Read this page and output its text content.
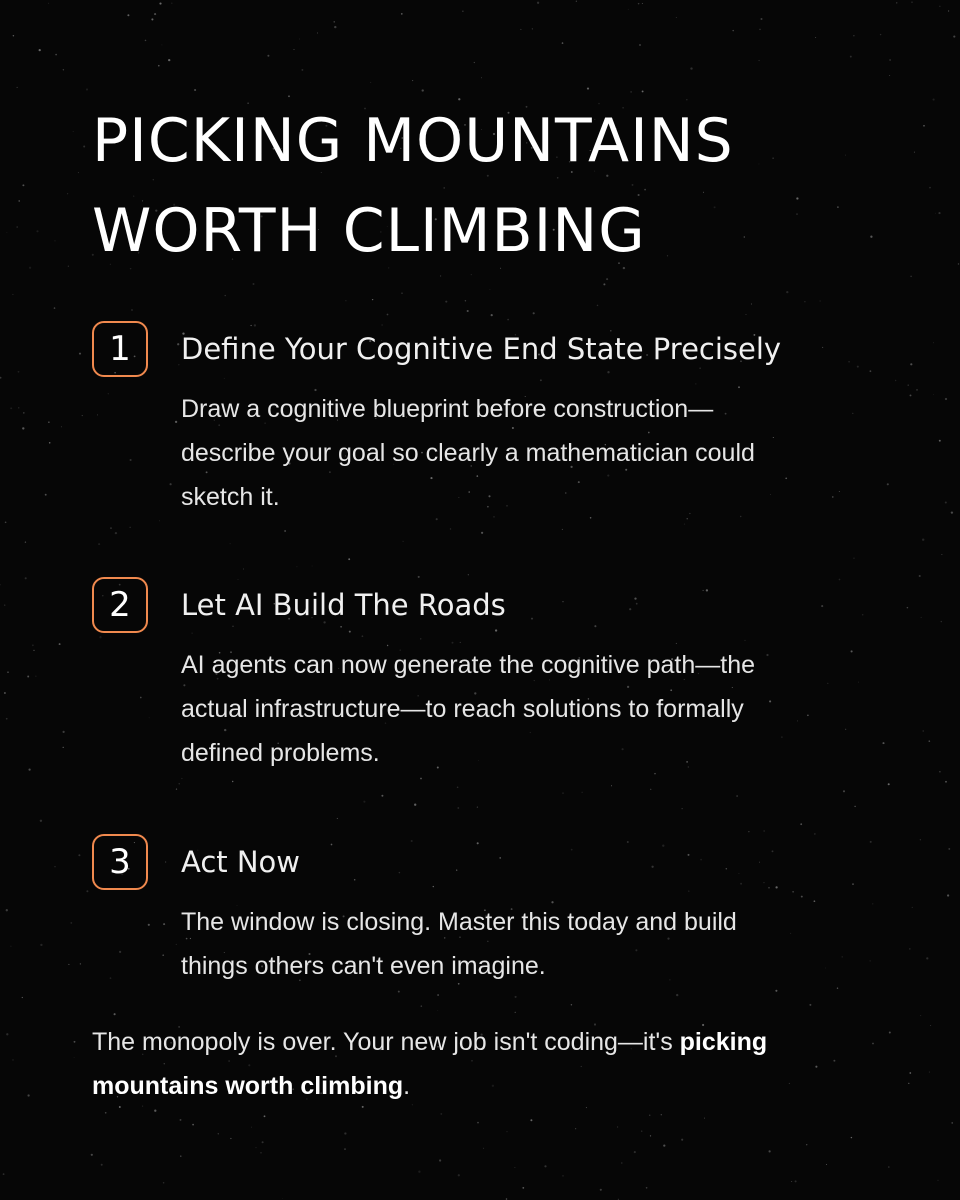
PICKING MOUNTAINS
WORTH CLIMBING
1	Define Your Cognitive End State Precisely

Draw a cognitive blueprint before construction—
describe your goal so clearly a mathematician could
sketch it.

2	Let AI Build The Roads

AI agents can now generate the cognitive path—the
actual infrastructure—to reach solutions to formally
defined problems.

3	Act Now

The window is closing. Master this today and build
things others can't even imagine.

The monopoly is over. Your new job isn't coding—it's picking
mountains worth climbing.
